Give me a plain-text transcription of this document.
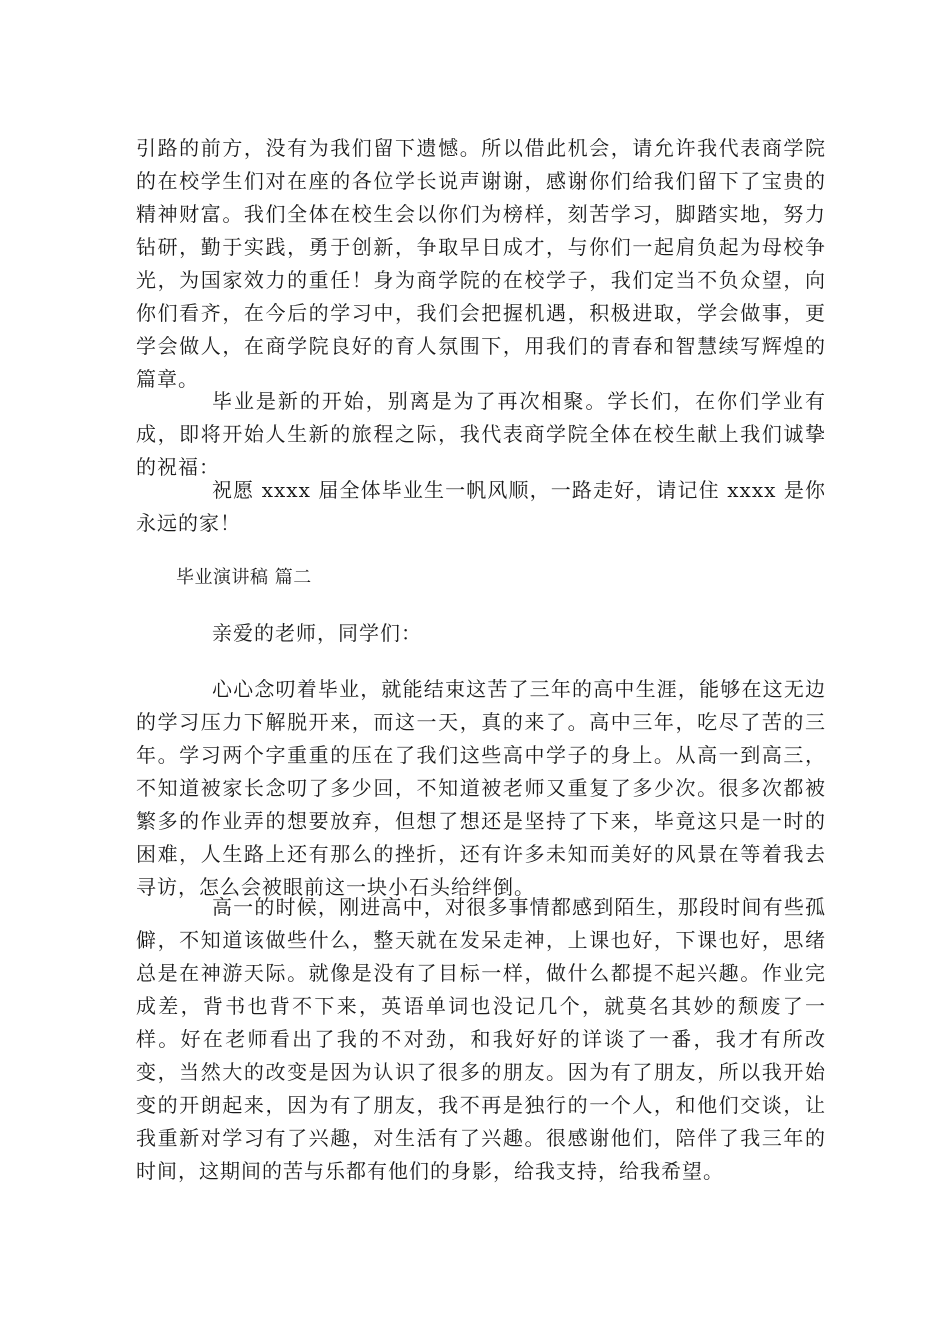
引路的前方，没有为我们留下遗憾。所以借此机会，请允许我代表商学院的在校学生们对在座的各位学长说声谢谢，感谢你们给我们留下了宝贵的精神财富。我们全体在校生会以你们为榜样，刻苦学习，脚踏实地，努力钻研，勤于实践，勇于创新，争取早日成才，与你们一起肩负起为母校争光，为国家效力的重任！身为商学院的在校学子，我们定当不负众望，向你们看齐，在今后的学习中，我们会把握机遇，积极进取，学会做事，更学会做人，在商学院良好的育人氛围下，用我们的青春和智慧续写辉煌的篇章。

毕业是新的开始，别离是为了再次相聚。学长们，在你们学业有成，即将开始人生新的旅程之际，我代表商学院全体在校生献上我们诚挚的祝福：

祝愿 xxxx 届全体毕业生一帆风顺，一路走好，请记住 xxxx 是你永远的家！

毕业演讲稿 篇二

亲爱的老师，同学们：

心心念叨着毕业，就能结束这苦了三年的高中生涯，能够在这无边的学习压力下解脱开来，而这一天，真的来了。高中三年，吃尽了苦的三年。学习两个字重重的压在了我们这些高中学子的身上。从高一到高三，不知道被家长念叨了多少回，不知道被老师又重复了多少次。很多次都被繁多的作业弄的想要放弃，但想了想还是坚持了下来，毕竟这只是一时的困难，人生路上还有那么的挫折，还有许多未知而美好的风景在等着我去寻访，怎么会被眼前这一块小石头给绊倒。

高一的时候，刚进高中，对很多事情都感到陌生，那段时间有些孤僻，不知道该做些什么，整天就在发呆走神，上课也好，下课也好，思绪总是在神游天际。就像是没有了目标一样，做什么都提不起兴趣。作业完成差，背书也背不下来，英语单词也没记几个，就莫名其妙的颓废了一样。好在老师看出了我的不对劲，和我好好的详谈了一番，我才有所改变，当然大的改变是因为认识了很多的朋友。因为有了朋友，所以我开始变的开朗起来，因为有了朋友，我不再是独行的一个人，和他们交谈，让我重新对学习有了兴趣，对生活有了兴趣。很感谢他们，陪伴了我三年的时间，这期间的苦与乐都有他们的身影，给我支持，给我希望。
